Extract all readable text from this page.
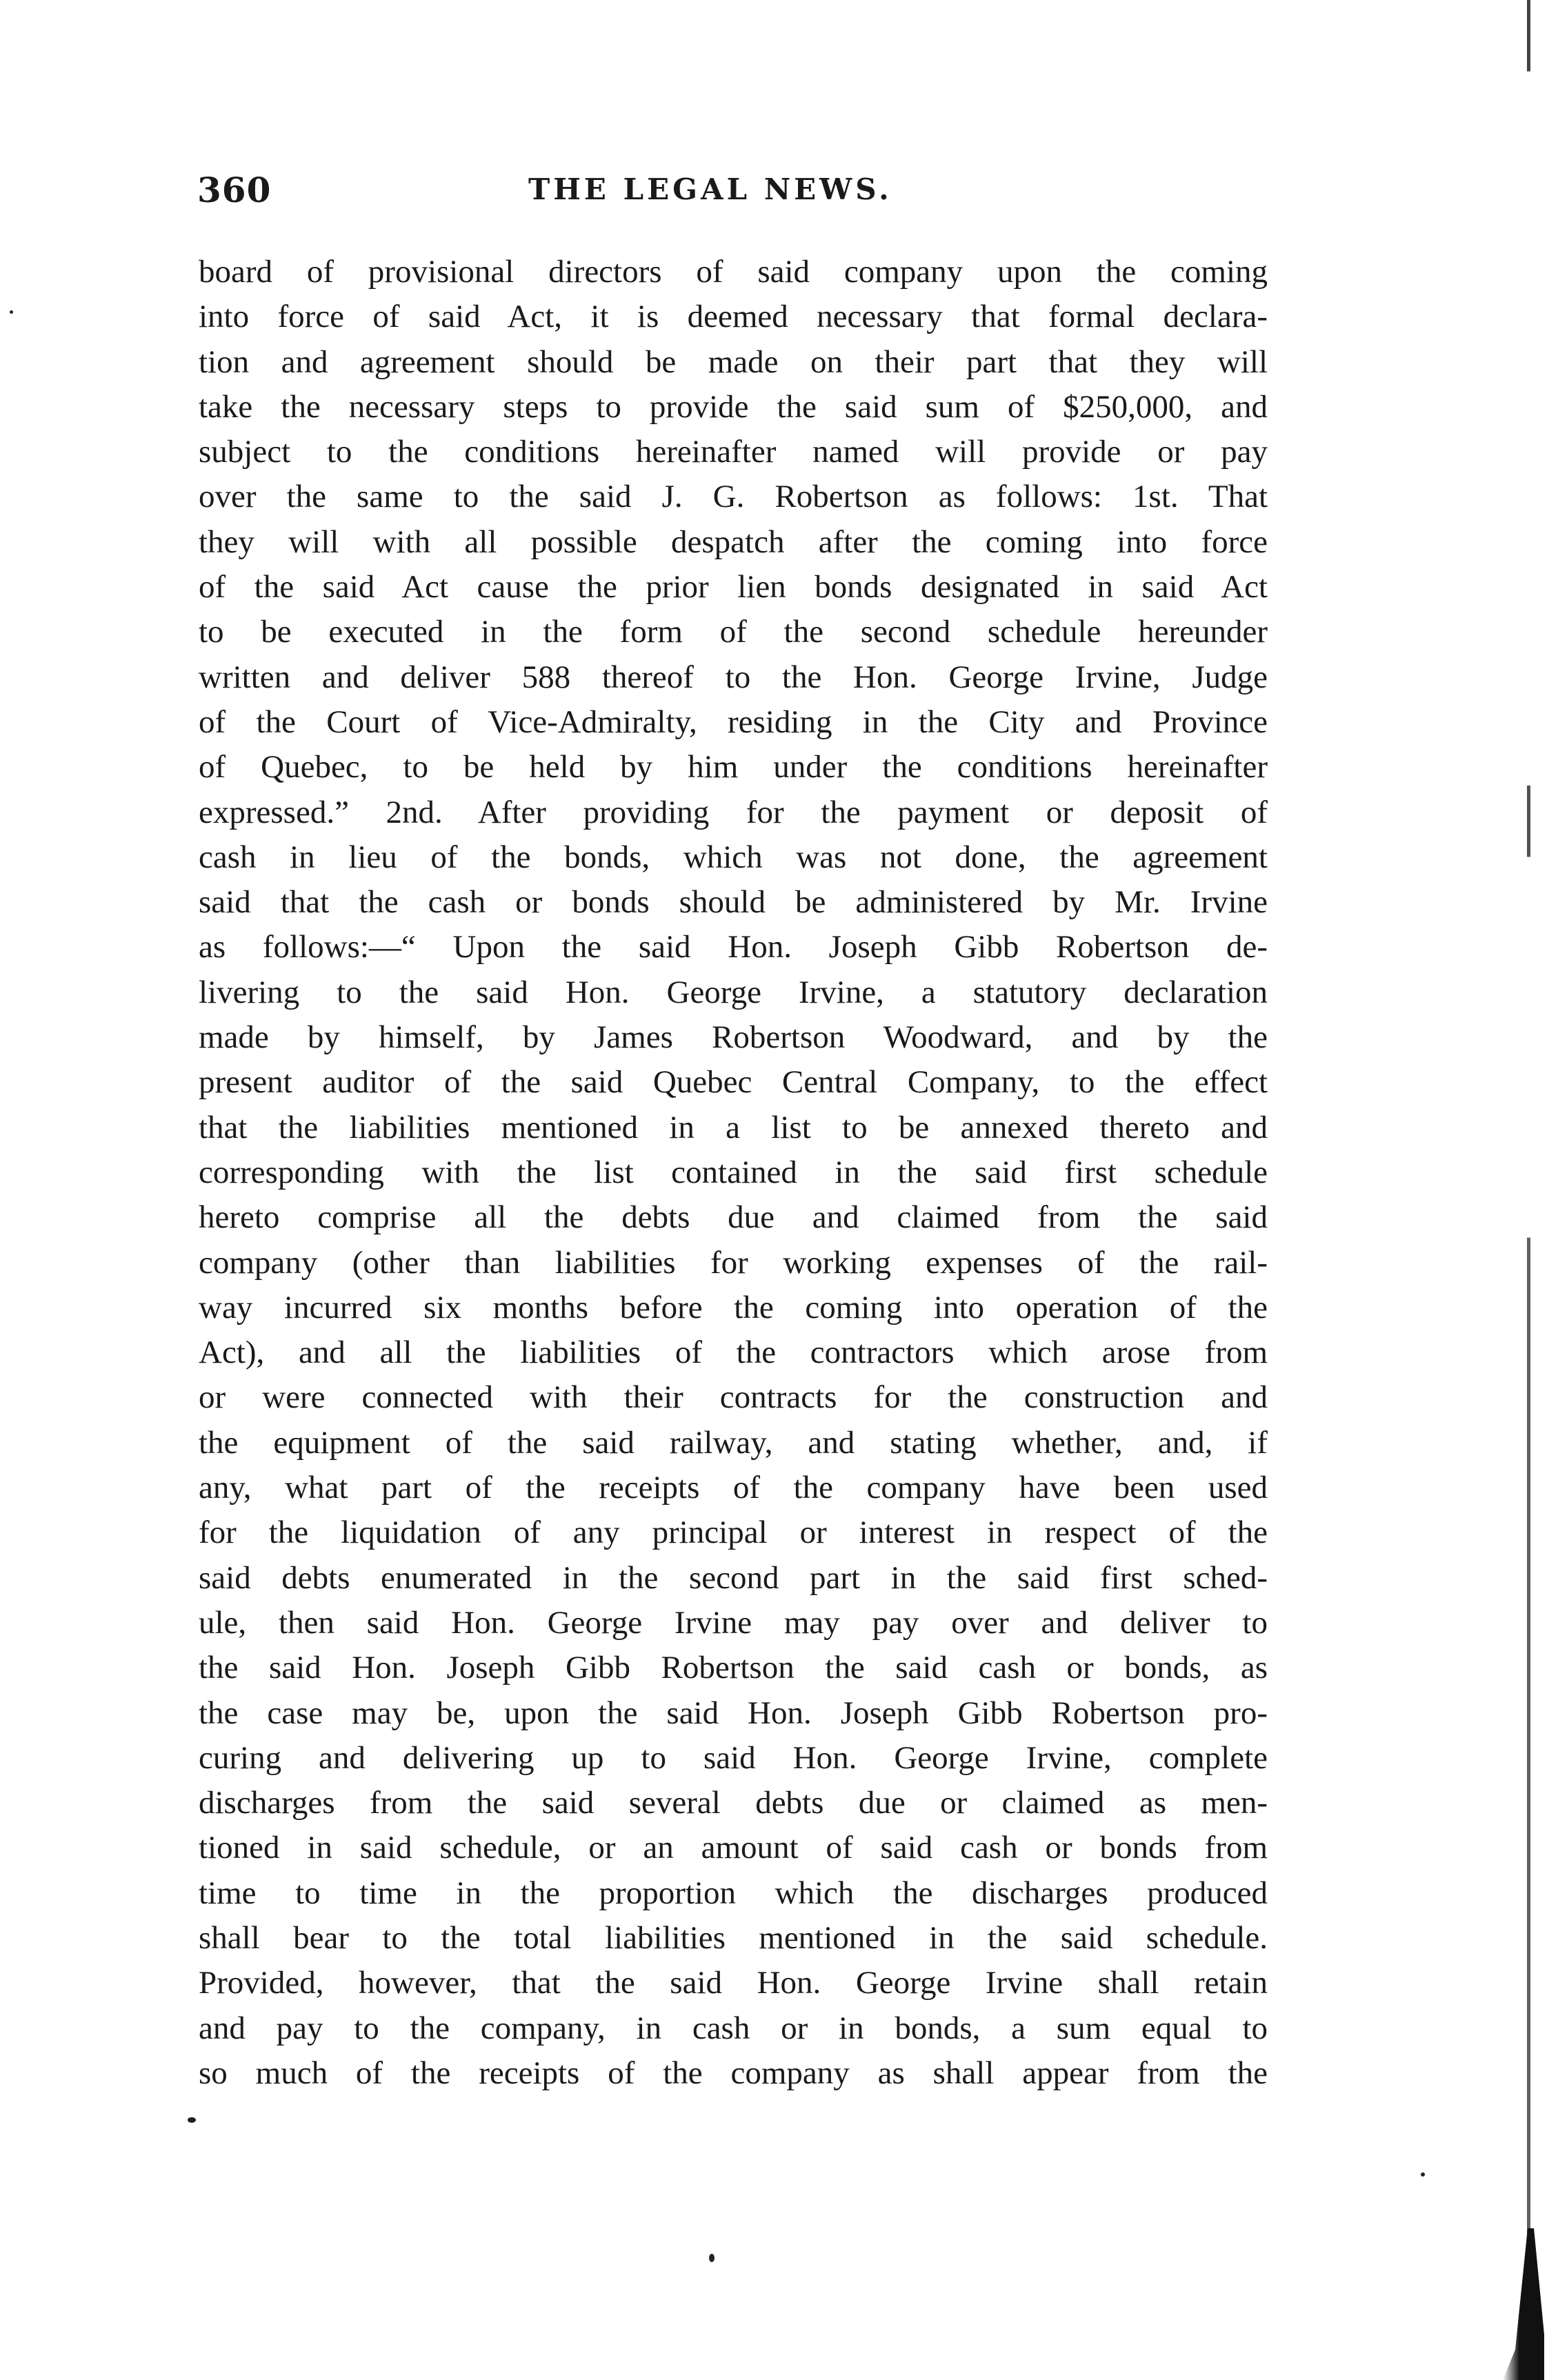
360	THE LEGAL NEWS.
board of provisional directors of said company upon the coming
into force of said Act, it is deemed necessary that formal declara-
tion and agreement should be made on their part that they will
take the necessary steps to provide the said sum of $250,000, and
subject to the conditions hereinafter named will provide or pay
over the same to the said J. G. Robertson as follows: 1st. That
they will with all possible despatch after the coming into force
of the said Act cause the prior lien bonds designated in said Act
to be executed in the form of the second schedule hereunder
written and deliver 588 thereof to the Hon. George Irvine, Judge
of the Court of Vice-Admiralty, residing in the City and Province
of Quebec, to be held by him under the conditions hereinafter
expressed.” 2nd. After providing for the payment or deposit of
cash in lieu of the bonds, which was not done, the agreement
said that the cash or bonds should be administered by Mr. Irvine
as follows:—“ Upon the said Hon. Joseph Gibb Robertson de-
livering to the said Hon. George Irvine, a statutory declaration
made by himself, by James Robertson Woodward, and by the
present auditor of the said Quebec Central Company, to the effect
that the liabilities mentioned in a list to be annexed thereto and
corresponding with the list contained in the said first schedule
hereto comprise all the debts due and claimed from the said
company (other than liabilities for working expenses of the rail-
way incurred six months before the coming into operation of the
Act), and all the liabilities of the contractors which arose from
or were connected with their contracts for the construction and
the equipment of the said railway, and stating whether, and, if
any, what part of the receipts of the company have been used
for the liquidation of any principal or interest in respect of the
said debts enumerated in the second part in the said first sched-
ule, then said Hon. George Irvine may pay over and deliver to
the said Hon. Joseph Gibb Robertson the said cash or bonds, as
the case may be, upon the said Hon. Joseph Gibb Robertson pro-
curing and delivering up to said Hon. George Irvine, complete
discharges from the said several debts due or claimed as men-
tioned in said schedule, or an amount of said cash or bonds from
time to time in the proportion which the discharges produced
shall bear to the total liabilities mentioned in the said schedule.
Provided, however, that the said Hon. George Irvine shall retain
and pay to the company, in cash or in bonds, a sum equal to
so much of the receipts of the company as shall appear from the
